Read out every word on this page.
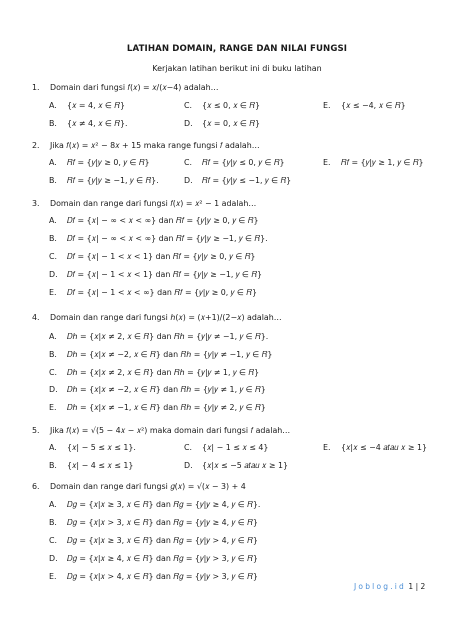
LATIHAN DOMAIN, RANGE DAN NILAI FUNGSI
Kerjakan latihan berikut ini di buku latihan
1. Domain dari fungsi 𝑓(𝑥) = 𝑥/(𝑥−4) adalah…
A. {𝑥 = 4, 𝑥 ∈ 𝑅}	C. {𝑥 ≤ 0, 𝑥 ∈ 𝑅}	E. {𝑥 ≤ −4, 𝑥 ∈ 𝑅}
B. {𝑥 ≠ 4, 𝑥 ∈ 𝑅}.	D. {𝑥 = 0, 𝑥 ∈ 𝑅}
2. Jika 𝑓(𝑥) = 𝑥² − 8𝑥 + 15 maka range fungsi 𝑓 adalah…
A. 𝑅𝑓 = {𝑦|𝑦 ≥ 0, 𝑦 ∈ 𝑅}	C. 𝑅𝑓 = {𝑦|𝑦 ≤ 0, 𝑦 ∈ 𝑅}	E. 𝑅𝑓 = {𝑦|𝑦 ≥ 1, 𝑦 ∈ 𝑅}
B. 𝑅𝑓 = {𝑦|𝑦 ≥ −1, 𝑦 ∈ 𝑅}.	D. 𝑅𝑓 = {𝑦|𝑦 ≤ −1, 𝑦 ∈ 𝑅}
3. Domain dan range dari fungsi 𝑓(𝑥) = 𝑥² − 1 adalah…
A. 𝐷𝑓 = {𝑥| − ∞ < 𝑥 < ∞} dan 𝑅𝑓 = {𝑦|𝑦 ≥ 0, 𝑦 ∈ 𝑅}
B. 𝐷𝑓 = {𝑥| − ∞ < 𝑥 < ∞} dan 𝑅𝑓 = {𝑦|𝑦 ≥ −1, 𝑦 ∈ 𝑅}.
C. 𝐷𝑓 = {𝑥| − 1 < 𝑥 < 1} dan 𝑅𝑓 = {𝑦|𝑦 ≥ 0, 𝑦 ∈ 𝑅}
D. 𝐷𝑓 = {𝑥| − 1 < 𝑥 < 1} dan 𝑅𝑓 = {𝑦|𝑦 ≥ −1, 𝑦 ∈ 𝑅}
E. 𝐷𝑓 = {𝑥| − 1 < 𝑥 < ∞} dan 𝑅𝑓 = {𝑦|𝑦 ≥ 0, 𝑦 ∈ 𝑅}
4. Domain dan range dari fungsi ℎ(𝑥) = (𝑥+1)/(2−𝑥) adalah…
A. 𝐷ℎ = {𝑥|𝑥 ≠ 2, 𝑥 ∈ 𝑅} dan 𝑅ℎ = {𝑦|𝑦 ≠ −1, 𝑦 ∈ 𝑅}.
B. 𝐷ℎ = {𝑥|𝑥 ≠ −2, 𝑥 ∈ 𝑅} dan 𝑅ℎ = {𝑦|𝑦 ≠ −1, 𝑦 ∈ 𝑅}
C. 𝐷ℎ = {𝑥|𝑥 ≠ 2, 𝑥 ∈ 𝑅} dan 𝑅ℎ = {𝑦|𝑦 ≠ 1, 𝑦 ∈ 𝑅}
D. 𝐷ℎ = {𝑥|𝑥 ≠ −2, 𝑥 ∈ 𝑅} dan 𝑅ℎ = {𝑦|𝑦 ≠ 1, 𝑦 ∈ 𝑅}
E. 𝐷ℎ = {𝑥|𝑥 ≠ −1, 𝑥 ∈ 𝑅} dan 𝑅ℎ = {𝑦|𝑦 ≠ 2, 𝑦 ∈ 𝑅}
5. Jika 𝑓(𝑥) = √(5 − 4𝑥 − 𝑥²) maka domain dari fungsi 𝑓 adalah…
A. {𝑥| − 5 ≤ 𝑥 ≤ 1}.	C. {𝑥| − 1 ≤ 𝑥 ≤ 4}	E. {𝑥|𝑥 ≤ −4 𝑎𝑡𝑎𝑢 𝑥 ≥ 1}
B. {𝑥| − 4 ≤ 𝑥 ≤ 1}	D. {𝑥|𝑥 ≤ −5 𝑎𝑡𝑎𝑢 𝑥 ≥ 1}
6. Domain dan range dari fungsi 𝑔(𝑥) = √(𝑥 − 3) + 4
A. 𝐷𝑔 = {𝑥|𝑥 ≥ 3, 𝑥 ∈ 𝑅} dan 𝑅𝑔 = {𝑦|𝑦 ≥ 4, 𝑦 ∈ 𝑅}.
B. 𝐷𝑔 = {𝑥|𝑥 > 3, 𝑥 ∈ 𝑅} dan 𝑅𝑔 = {𝑦|𝑦 ≥ 4, 𝑦 ∈ 𝑅}
C. 𝐷𝑔 = {𝑥|𝑥 ≥ 3, 𝑥 ∈ 𝑅} dan 𝑅𝑔 = {𝑦|𝑦 > 4, 𝑦 ∈ 𝑅}
D. 𝐷𝑔 = {𝑥|𝑥 ≥ 4, 𝑥 ∈ 𝑅} dan 𝑅𝑔 = {𝑦|𝑦 > 3, 𝑦 ∈ 𝑅}
E. 𝐷𝑔 = {𝑥|𝑥 > 4, 𝑥 ∈ 𝑅} dan 𝑅𝑔 = {𝑦|𝑦 > 3, 𝑦 ∈ 𝑅}
Joblog.id 1 | 2
